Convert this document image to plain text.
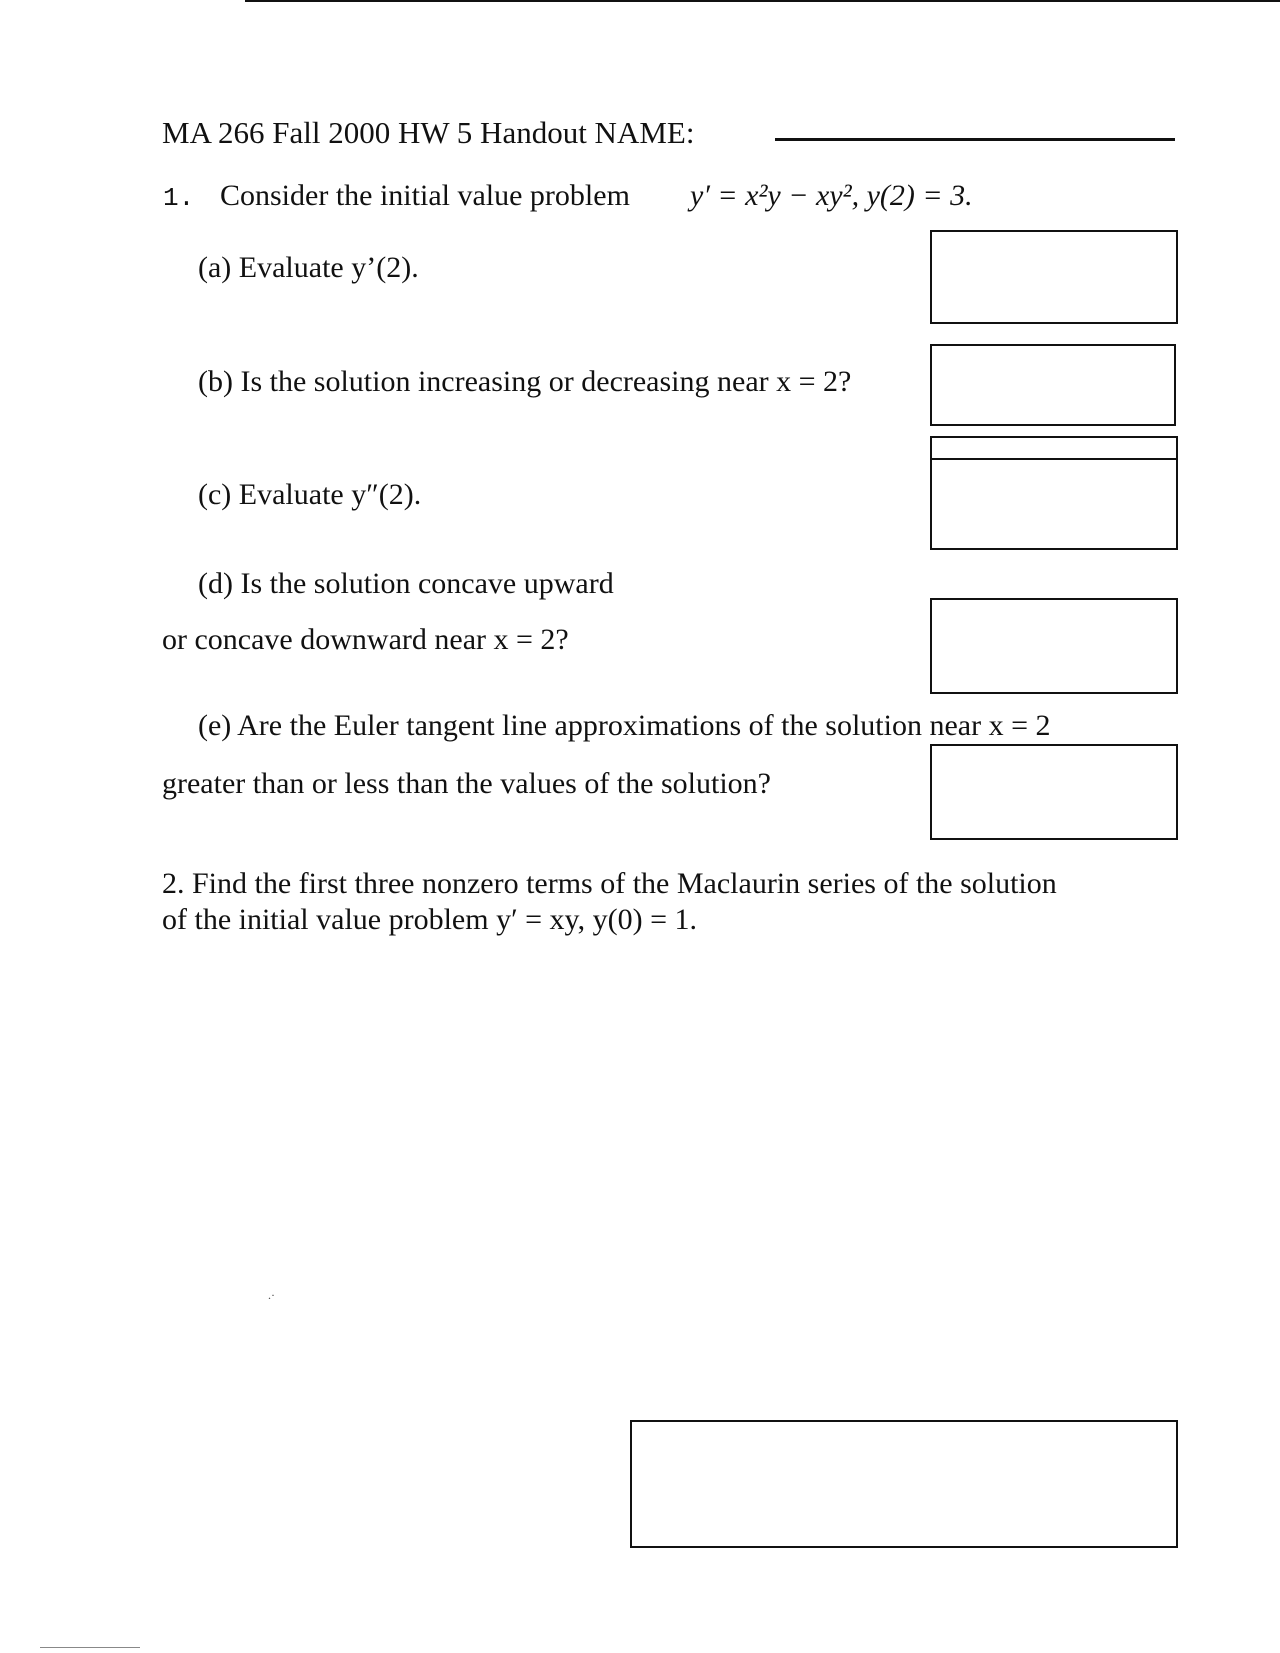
MA 266 Fall 2000 HW 5 Handout NAME:
1. Consider the initial value problem y′ = x²y − xy², y(2) = 3.
(a) Evaluate y’(2).
(b) Is the solution increasing or decreasing near x = 2?
(c) Evaluate y″(2).
(d) Is the solution concave upward
or concave downward near x = 2?
(e) Are the Euler tangent line approximations of the solution near x = 2
greater than or less than the values of the solution?
2. Find the first three nonzero terms of the Maclaurin series of the solution
of the initial value problem y′ = xy, y(0) = 1.
.·
